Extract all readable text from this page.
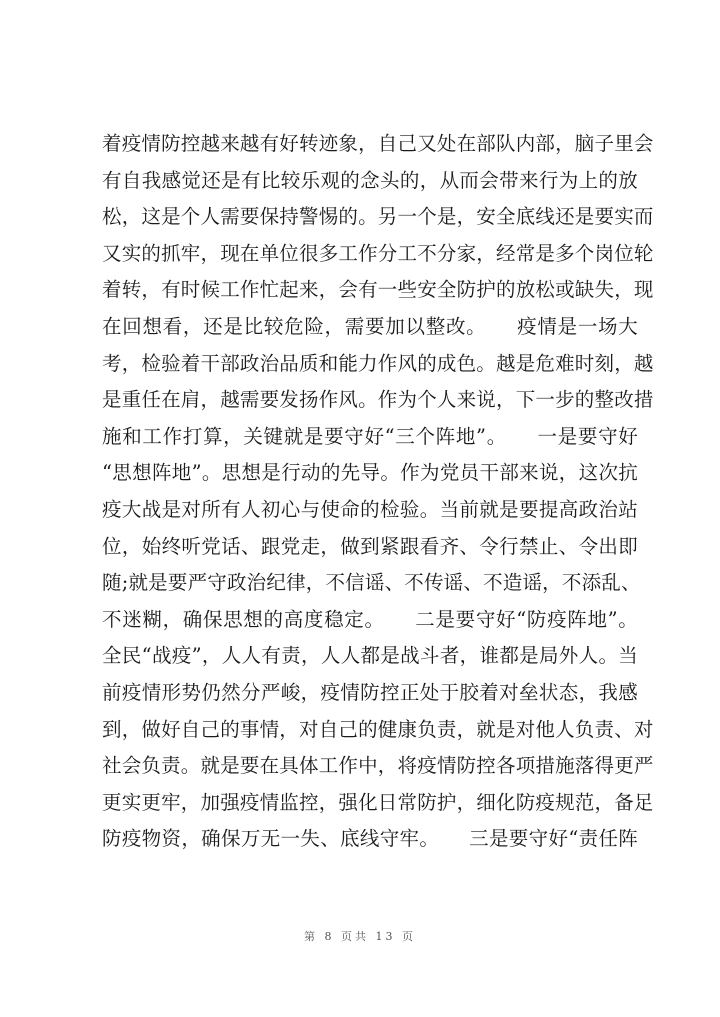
着疫情防控越来越有好转迹象，自己又处在部队内部，脑子里会
有自我感觉还是有比较乐观的念头的，从而会带来行为上的放
松，这是个人需要保持警惕的。另一个是，安全底线还是要实而
又实的抓牢，现在单位很多工作分工不分家，经常是多个岗位轮
着转，有时候工作忙起来，会有一些安全防护的放松或缺失，现
在回想看，还是比较危险，需要加以整改。　　疫情是一场大
考，检验着干部政治品质和能力作风的成色。越是危难时刻，越
是重任在肩，越需要发扬作风。作为个人来说，下一步的整改措
施和工作打算，关键就是要守好“三个阵地”。　　一是要守好
“思想阵地”。思想是行动的先导。作为党员干部来说，这次抗
疫大战是对所有人初心与使命的检验。当前就是要提高政治站
位，始终听党话、跟党走，做到紧跟看齐、令行禁止、令出即
随;就是要严守政治纪律，不信谣、不传谣、不造谣，不添乱、
不迷糊，确保思想的高度稳定。　　二是要守好“防疫阵地”。
全民“战疫”，人人有责，人人都是战斗者，谁都是局外人。当
前疫情形势仍然分严峻，疫情防控正处于胶着对垒状态，我感
到，做好自己的事情，对自己的健康负责，就是对他人负责、对
社会负责。就是要在具体工作中，将疫情防控各项措施落得更严
更实更牢，加强疫情监控，强化日常防护，细化防疫规范，备足
防疫物资，确保万无一失、底线守牢。　　三是要守好“责任阵
第 8 页共 13 页
